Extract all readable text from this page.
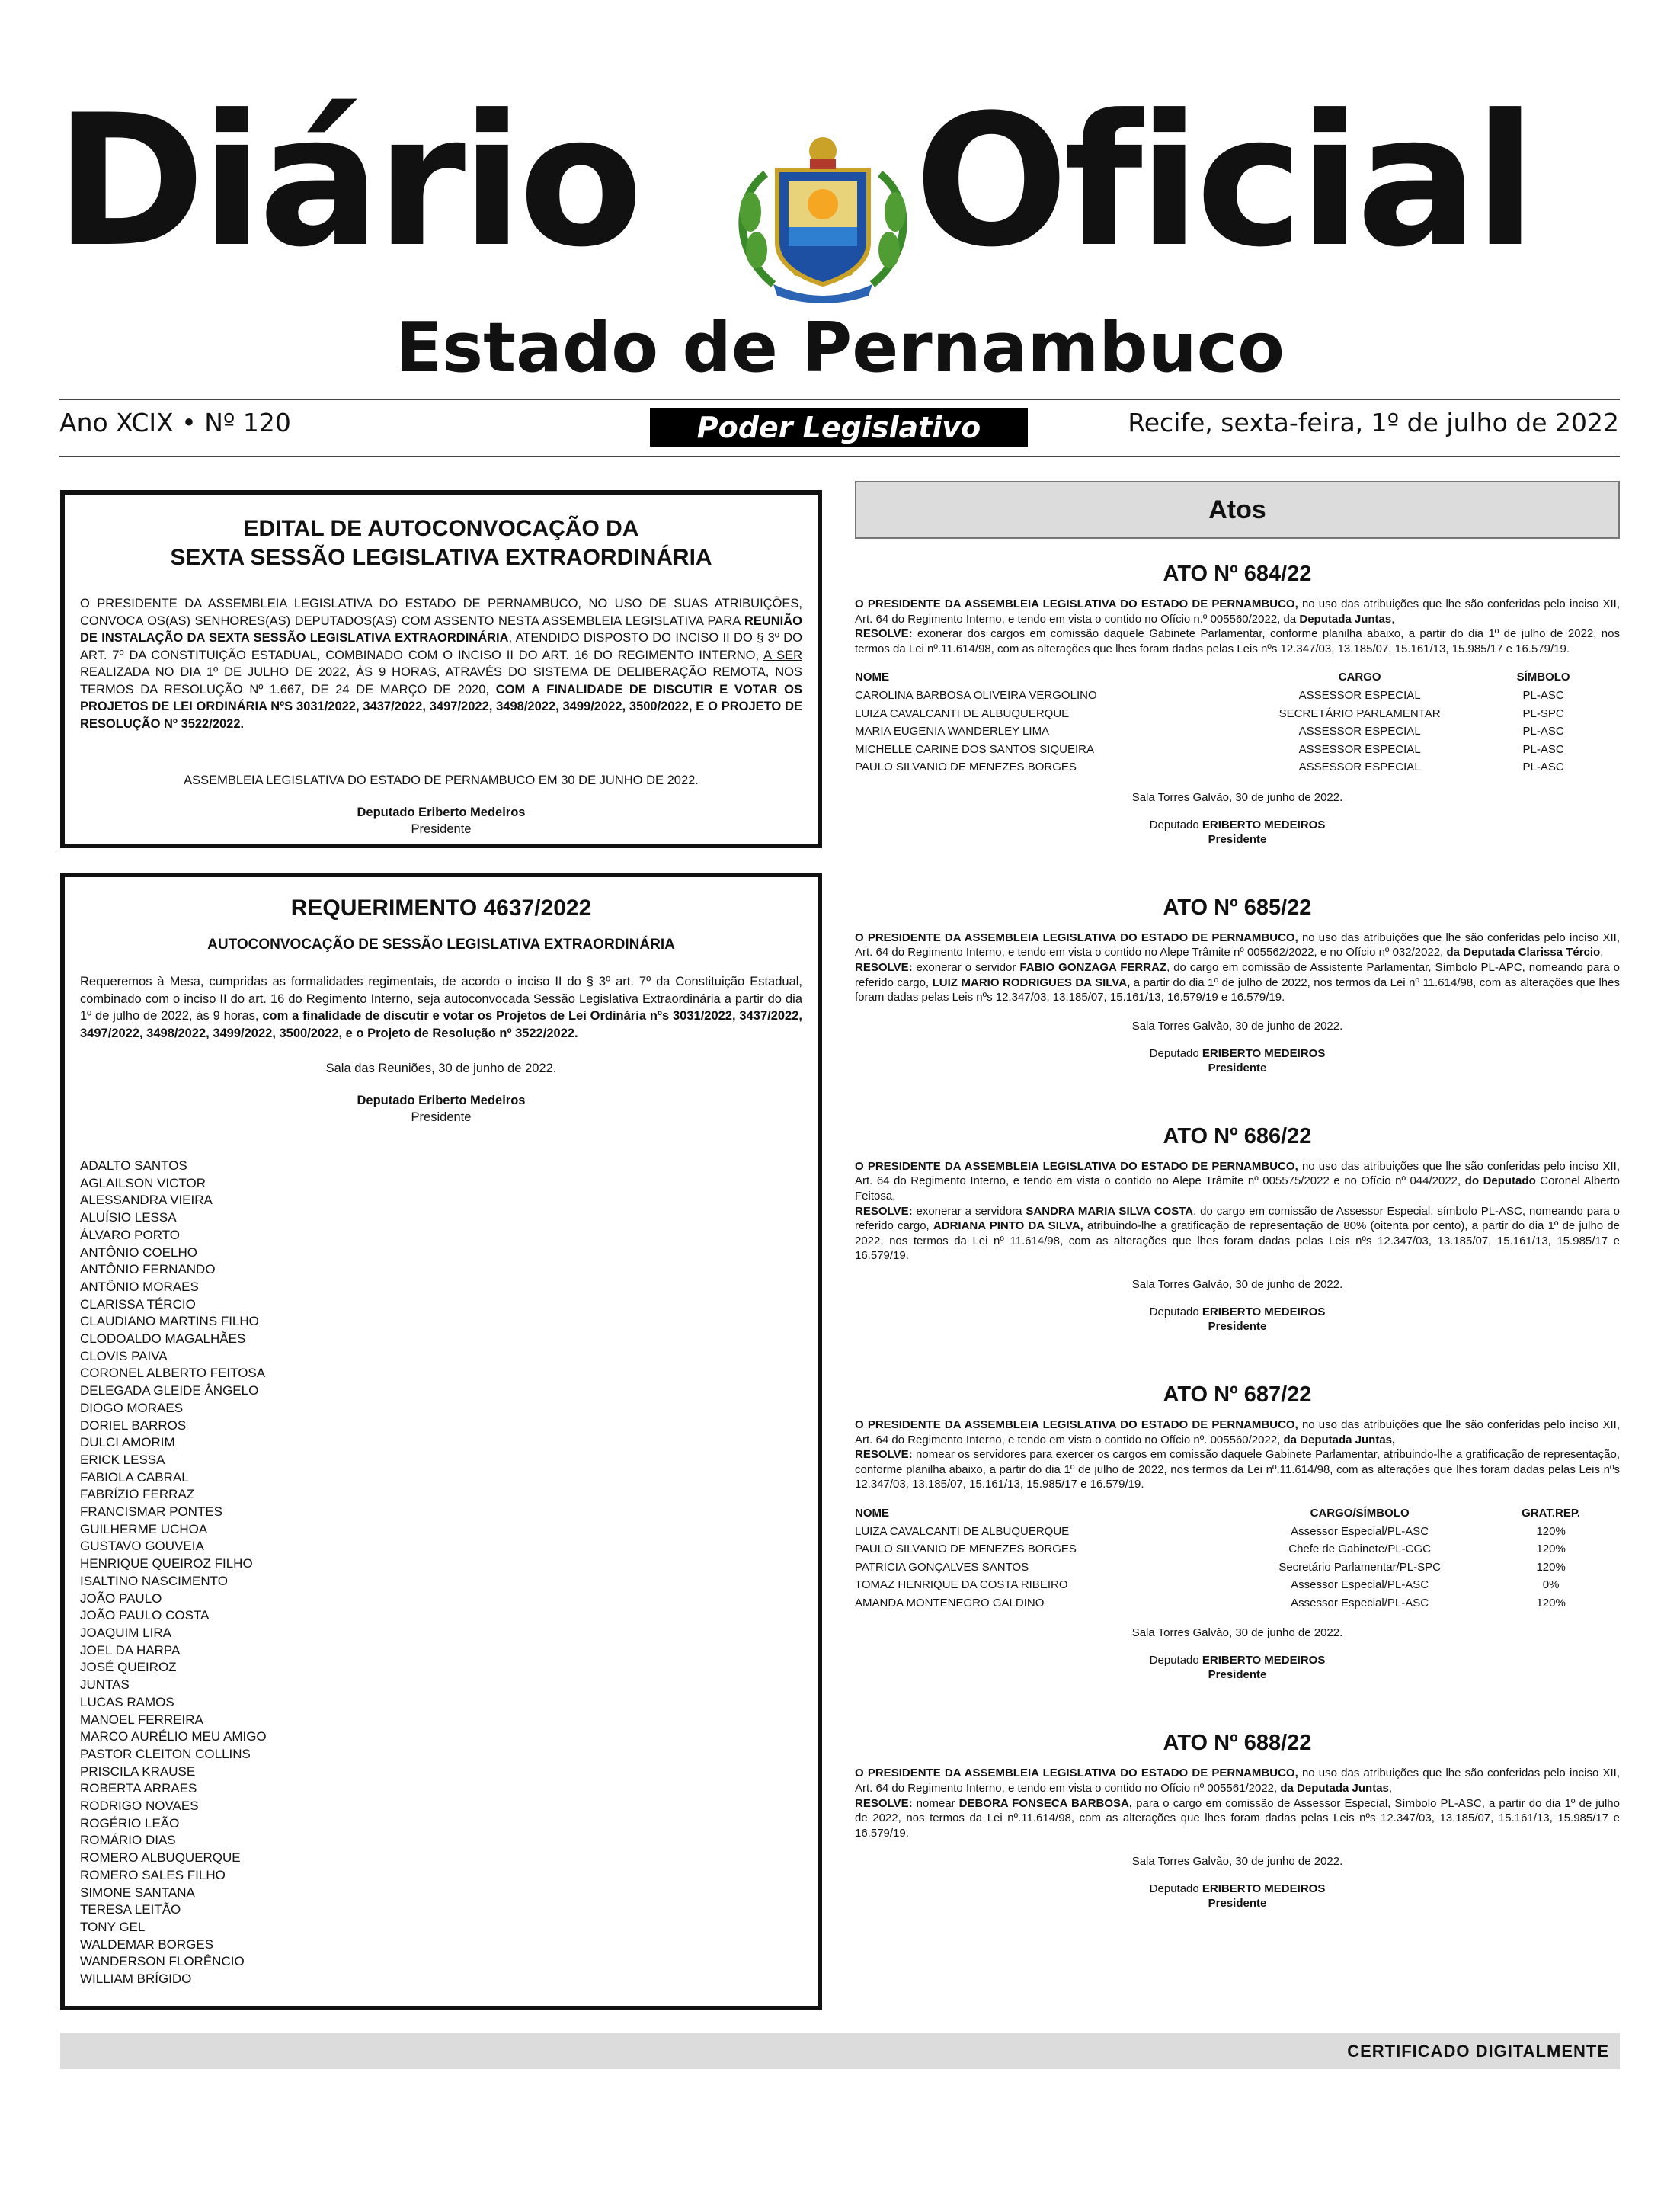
Diário Oficial
Estado de Pernambuco
Ano XCIX • Nº 120	Poder Legislativo	Recife, sexta-feira, 1º de julho de 2022
EDITAL DE AUTOCONVOCAÇÃO DA
SEXTA SESSÃO LEGISLATIVA EXTRAORDINÁRIA
O PRESIDENTE DA ASSEMBLEIA LEGISLATIVA DO ESTADO DE PERNAMBUCO, NO USO DE SUAS ATRIBUIÇÕES, CONVOCA OS(AS) SENHORES(AS) DEPUTADOS(AS) COM ASSENTO NESTA ASSEMBLEIA LEGISLATIVA PARA REUNIÃO DE INSTALAÇÃO DA SEXTA SESSÃO LEGISLATIVA EXTRAORDINÁRIA, ATENDIDO DISPOSTO DO INCISO II DO § 3º DO ART. 7º DA CONSTITUIÇÃO ESTADUAL, COMBINADO COM O INCISO II DO ART. 16 DO REGIMENTO INTERNO, A SER REALIZADA NO DIA 1º DE JULHO DE 2022, ÀS 9 HORAS, ATRAVÉS DO SISTEMA DE DELIBERAÇÃO REMOTA, NOS TERMOS DA RESOLUÇÃO Nº 1.667, DE 24 DE MARÇO DE 2020, COM A FINALIDADE DE DISCUTIR E VOTAR OS PROJETOS DE LEI ORDINÁRIA NºS 3031/2022, 3437/2022, 3497/2022, 3498/2022, 3499/2022, 3500/2022, E O PROJETO DE RESOLUÇÃO Nº 3522/2022.
ASSEMBLEIA LEGISLATIVA DO ESTADO DE PERNAMBUCO EM 30 DE JUNHO DE 2022.
Deputado Eriberto Medeiros
Presidente
REQUERIMENTO 4637/2022
AUTOCONVOCAÇÃO DE SESSÃO LEGISLATIVA EXTRAORDINÁRIA
Requeremos à Mesa, cumpridas as formalidades regimentais, de acordo o inciso II do § 3º art. 7º da Constituição Estadual, combinado com o inciso II do art. 16 do Regimento Interno, seja autoconvocada Sessão Legislativa Extraordinária a partir do dia 1º de julho de 2022, às 9 horas, com a finalidade de discutir e votar os Projetos de Lei Ordinária nºs 3031/2022, 3437/2022, 3497/2022, 3498/2022, 3499/2022, 3500/2022, e o Projeto de Resolução nº 3522/2022.
Sala das Reuniões, 30 de junho de 2022.
Deputado Eriberto Medeiros
Presidente
ADALTO SANTOS
AGLAILSON VICTOR
ALESSANDRA VIEIRA
ALUÍSIO LESSA
ÁLVARO PORTO
ANTÔNIO COELHO
ANTÔNIO FERNANDO
ANTÔNIO MORAES
CLARISSA TÉRCIO
CLAUDIANO MARTINS FILHO
CLODOALDO MAGALHÃES
CLOVIS PAIVA
CORONEL ALBERTO FEITOSA
DELEGADA GLEIDE ÂNGELO
DIOGO MORAES
DORIEL BARROS
DULCI AMORIM
ERICK LESSA
FABIOLA CABRAL
FABRÍZIO FERRAZ
FRANCISMAR PONTES
GUILHERME UCHOA
GUSTAVO GOUVEIA
HENRIQUE QUEIROZ FILHO
ISALTINO NASCIMENTO
JOÃO PAULO
JOÃO PAULO COSTA
JOAQUIM LIRA
JOEL DA HARPA
JOSÉ QUEIROZ
JUNTAS
LUCAS RAMOS
MANOEL FERREIRA
MARCO AURÉLIO MEU AMIGO
PASTOR CLEITON COLLINS
PRISCILA KRAUSE
ROBERTA ARRAES
RODRIGO NOVAES
ROGÉRIO LEÃO
ROMÁRIO DIAS
ROMERO ALBUQUERQUE
ROMERO SALES FILHO
SIMONE SANTANA
TERESA LEITÃO
TONY GEL
WALDEMAR BORGES
WANDERSON FLORÊNCIO
WILLIAM BRÍGIDO
Atos
ATO Nº 684/22
O PRESIDENTE DA ASSEMBLEIA LEGISLATIVA DO ESTADO DE PERNAMBUCO, no uso das atribuições que lhe são conferidas pelo inciso XII, Art. 64 do Regimento Interno, e tendo em vista o contido no Ofício n.º 005560/2022, da Deputada Juntas,
RESOLVE: exonerar dos cargos em comissão daquele Gabinete Parlamentar, conforme planilha abaixo, a partir do dia 1º de julho de 2022, nos termos da Lei nº.11.614/98, com as alterações que lhes foram dadas pelas Leis nºs 12.347/03, 13.185/07, 15.161/13, 15.985/17 e 16.579/19.
NOME	CARGO	SÍMBOLO
CAROLINA BARBOSA OLIVEIRA VERGOLINO	ASSESSOR ESPECIAL	PL-ASC
LUIZA CAVALCANTI DE ALBUQUERQUE	SECRETÁRIO PARLAMENTAR	PL-SPC
MARIA EUGENIA WANDERLEY LIMA	ASSESSOR ESPECIAL	PL-ASC
MICHELLE CARINE DOS SANTOS SIQUEIRA	ASSESSOR ESPECIAL	PL-ASC
PAULO SILVANIO DE MENEZES BORGES	ASSESSOR ESPECIAL	PL-ASC
Sala Torres Galvão, 30 de junho de 2022.
Deputado ERIBERTO MEDEIROS
Presidente
ATO Nº 685/22
O PRESIDENTE DA ASSEMBLEIA LEGISLATIVA DO ESTADO DE PERNAMBUCO, no uso das atribuições que lhe são conferidas pelo inciso XII, Art. 64 do Regimento Interno, e tendo em vista o contido no Alepe Trâmite nº 005562/2022, e no Ofício nº 032/2022, da Deputada Clarissa Tércio,
RESOLVE: exonerar o servidor FABIO GONZAGA FERRAZ, do cargo em comissão de Assistente Parlamentar, Símbolo PL-APC, nomeando para o referido cargo, LUIZ MARIO RODRIGUES DA SILVA, a partir do dia 1º de julho de 2022, nos termos da Lei nº 11.614/98, com as alterações que lhes foram dadas pelas Leis nºs 12.347/03, 13.185/07, 15.161/13, 16.579/19 e 16.579/19.
Sala Torres Galvão, 30 de junho de 2022.
Deputado ERIBERTO MEDEIROS
Presidente
ATO Nº 686/22
O PRESIDENTE DA ASSEMBLEIA LEGISLATIVA DO ESTADO DE PERNAMBUCO, no uso das atribuições que lhe são conferidas pelo inciso XII, Art. 64 do Regimento Interno, e tendo em vista o contido no Alepe Trâmite nº 005575/2022 e no Ofício nº 044/2022, do Deputado Coronel Alberto Feitosa,
RESOLVE: exonerar a servidora SANDRA MARIA SILVA COSTA, do cargo em comissão de Assessor Especial, símbolo PL-ASC, nomeando para o referido cargo, ADRIANA PINTO DA SILVA, atribuindo-lhe a gratificação de representação de 80% (oitenta por cento), a partir do dia 1º de julho de 2022, nos termos da Lei nº 11.614/98, com as alterações que lhes foram dadas pelas Leis nºs 12.347/03, 13.185/07, 15.161/13, 15.985/17 e 16.579/19.
Sala Torres Galvão, 30 de junho de 2022.
Deputado ERIBERTO MEDEIROS
Presidente
ATO Nº 687/22
O PRESIDENTE DA ASSEMBLEIA LEGISLATIVA DO ESTADO DE PERNAMBUCO, no uso das atribuições que lhe são conferidas pelo inciso XII, Art. 64 do Regimento Interno, e tendo em vista o contido no Ofício nº. 005560/2022, da Deputada Juntas,
RESOLVE: nomear os servidores para exercer os cargos em comissão daquele Gabinete Parlamentar, atribuindo-lhe a gratificação de representação, conforme planilha abaixo, a partir do dia 1º de julho de 2022, nos termos da Lei nº.11.614/98, com as alterações que lhes foram dadas pelas Leis nºs 12.347/03, 13.185/07, 15.161/13, 15.985/17 e 16.579/19.
NOME	CARGO/SÍMBOLO	GRAT.REP.
LUIZA CAVALCANTI DE ALBUQUERQUE	Assessor Especial/PL-ASC	120%
PAULO SILVANIO DE MENEZES BORGES	Chefe de Gabinete/PL-CGC	120%
PATRICIA GONÇALVES SANTOS	Secretário Parlamentar/PL-SPC	120%
TOMAZ HENRIQUE DA COSTA RIBEIRO	Assessor Especial/PL-ASC	0%
AMANDA MONTENEGRO GALDINO	Assessor Especial/PL-ASC	120%
Sala Torres Galvão, 30 de junho de 2022.
Deputado ERIBERTO MEDEIROS
Presidente
ATO Nº 688/22
O PRESIDENTE DA ASSEMBLEIA LEGISLATIVA DO ESTADO DE PERNAMBUCO, no uso das atribuições que lhe são conferidas pelo inciso XII, Art. 64 do Regimento Interno, e tendo em vista o contido no Ofício nº 005561/2022, da Deputada Juntas,
RESOLVE: nomear DEBORA FONSECA BARBOSA, para o cargo em comissão de Assessor Especial, Símbolo PL-ASC, a partir do dia 1º de julho de 2022, nos termos da Lei nº.11.614/98, com as alterações que lhes foram dadas pelas Leis nºs 12.347/03, 13.185/07, 15.161/13, 15.985/17 e 16.579/19.
Sala Torres Galvão, 30 de junho de 2022.
Deputado ERIBERTO MEDEIROS
Presidente
CERTIFICADO DIGITALMENTE
